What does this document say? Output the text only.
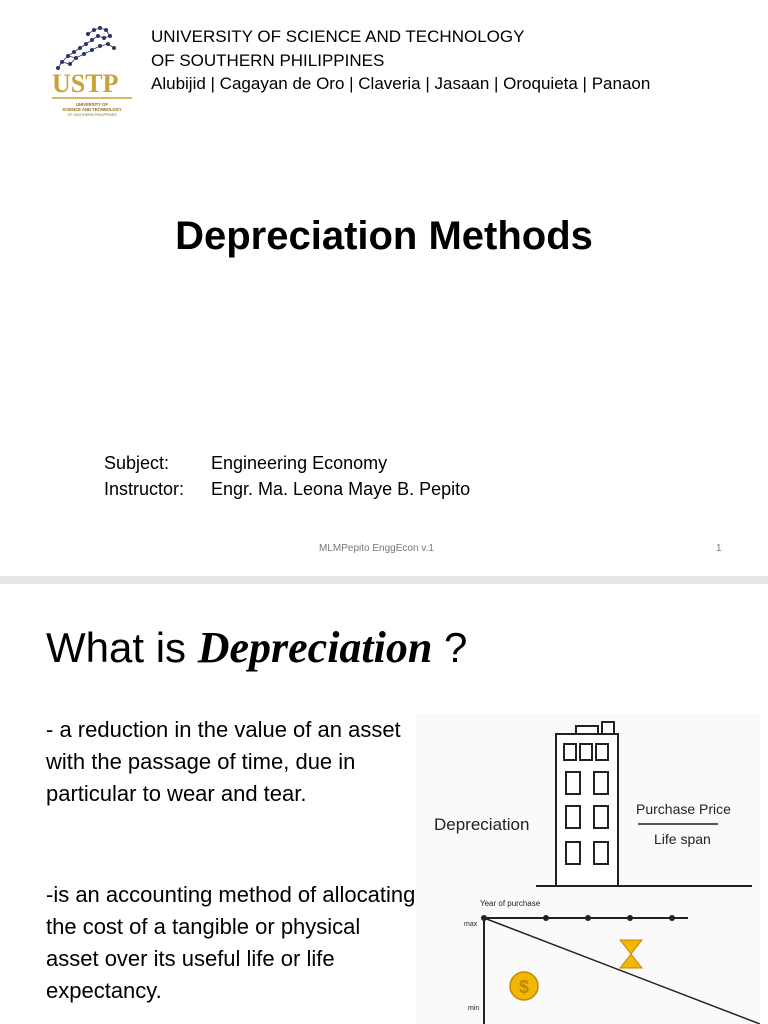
USTP
UNIVERSITY OF
SCIENCE AND TECHNOLOGY
OF SOUTHERN PHILIPPINES
UNIVERSITY OF SCIENCE AND TECHNOLOGY
OF SOUTHERN PHILIPPINES
Alubijid | Cagayan de Oro | Claveria | Jasaan | Oroquieta | Panaon
Depreciation Methods
Subject: Engineering Economy
Instructor: Engr. Ma. Leona Maye B. Pepito
MLMPepito EnggEcon v.1	1
What is Depreciation ?
- a reduction in the value of an asset with the passage of time, due in particular to wear and tear.
-is an accounting method of allocating the cost of a tangible or physical asset over its useful life or life expectancy.
Depreciation
Purchase Price
Life span
Year of purchase
max
min
$
